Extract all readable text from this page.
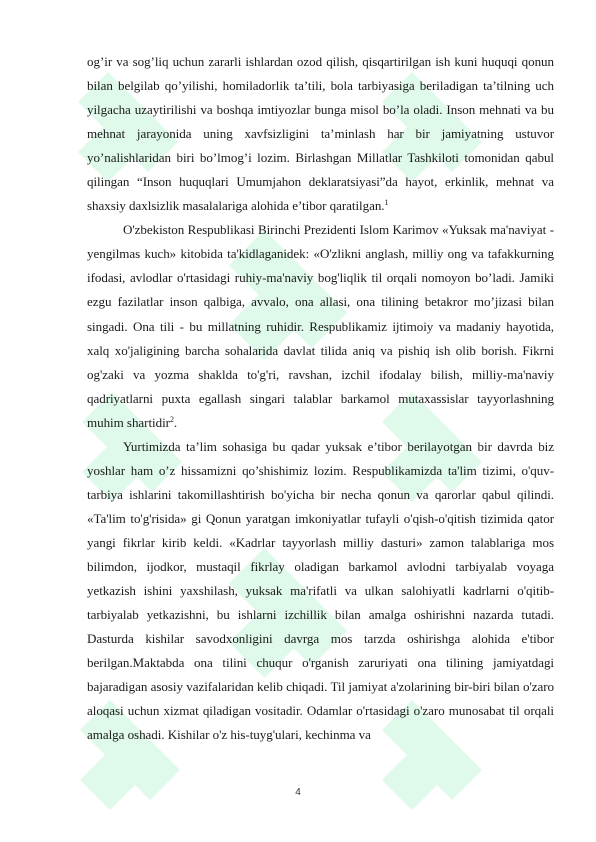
og’ir va sog’liq uchun zararli ishlardan ozod qilish, qisqartirilgan ish kuni huquqi qonun bilan belgilab qo’yilishi, homiladorlik ta’tili, bola tarbiyasiga beriladigan ta’tilning uch yilgacha uzaytirilishi va boshqa imtiyozlar bunga misol bo’la oladi. Inson mehnati va bu mehnat jarayonida uning xavfsizligini ta’minlash har bir jamiyatning ustuvor yo’nalishlaridan biri bo’lmog’i lozim. Birlashgan Millatlar Tashkiloti tomonidan qabul qilingan “Inson huquqlari Umumjahon deklaratsiyasi”da hayot, erkinlik, mehnat va shaxsiy daxlsizlik masalalariga alohida e’tibor qaratilgan.$^1$

O'zbekiston Respublikasi Birinchi Prezidenti Islom Karimov «Yuksak ma'naviyat - yengilmas kuch» kitobida ta'kidlaganidek: «O'zlikni anglash, milliy ong va tafakkurning ifodasi, avlodlar o'rtasidagi ruhiy-ma'naviy bog'liqlik til orqali nomoyon bo’ladi. Jamiki ezgu fazilatlar inson qalbiga, avvalo, ona allasi, ona tilining betakror mo’jizasi bilan singadi. Ona tili - bu millatning ruhidir. Respublikamiz ijtimoiy va madaniy hayotida, xalq xo'jaligining barcha sohalarida davlat tilida aniq va pishiq ish olib borish. Fikrni og'zaki va yozma shaklda to'g'ri, ravshan, izchil ifodalay bilish, milliy-ma'naviy qadriyatlarni puxta egallash singari talablar barkamol mutaxassislar tayyorlashning muhim shartidir$^2$.

Yurtimizda ta’lim sohasiga bu qadar yuksak e’tibor berilayotgan bir davrda biz yoshlar ham o’z hissamizni qo’shishimiz lozim. Respublikamizda ta'lim tizimi, o'quv-tarbiya ishlarini takomillashtirish bo'yicha bir necha qonun va qarorlar qabul qilindi. «Ta'lim to'g'risida» gi Qonun yaratgan imkoniyatlar tufayli o'qish-o'qitish tizimida qator yangi fikrlar kirib keldi. «Kadrlar tayyorlash milliy dasturi» zamon talablariga mos bilimdon, ijodkor, mustaqil fikrlay oladigan barkamol avlodni tarbiyalab voyaga yetkazish ishini yaxshilash, yuksak ma'rifatli va ulkan salohiyatli kadrlarni o'qitib-tarbiyalab yetkazishni, bu ishlarni izchillik bilan amalga oshirishni nazarda tutadi. Dasturda kishilar savodxonligini davrga mos tarzda oshirishga alohida e'tibor berilgan.Maktabda ona tilini chuqur o'rganish zaruriyati ona tilining jamiyatdagi bajaradigan asosiy vazifalaridan kelib chiqadi. Til jamiyat a'zolarining bir-biri bilan o'zaro aloqasi uchun xizmat qiladigan vositadir. Odamlar o'rtasidagi o'zaro munosabat til orqali amalga oshadi. Kishilar o'z his-tuyg'ulari, kechinma va

4
